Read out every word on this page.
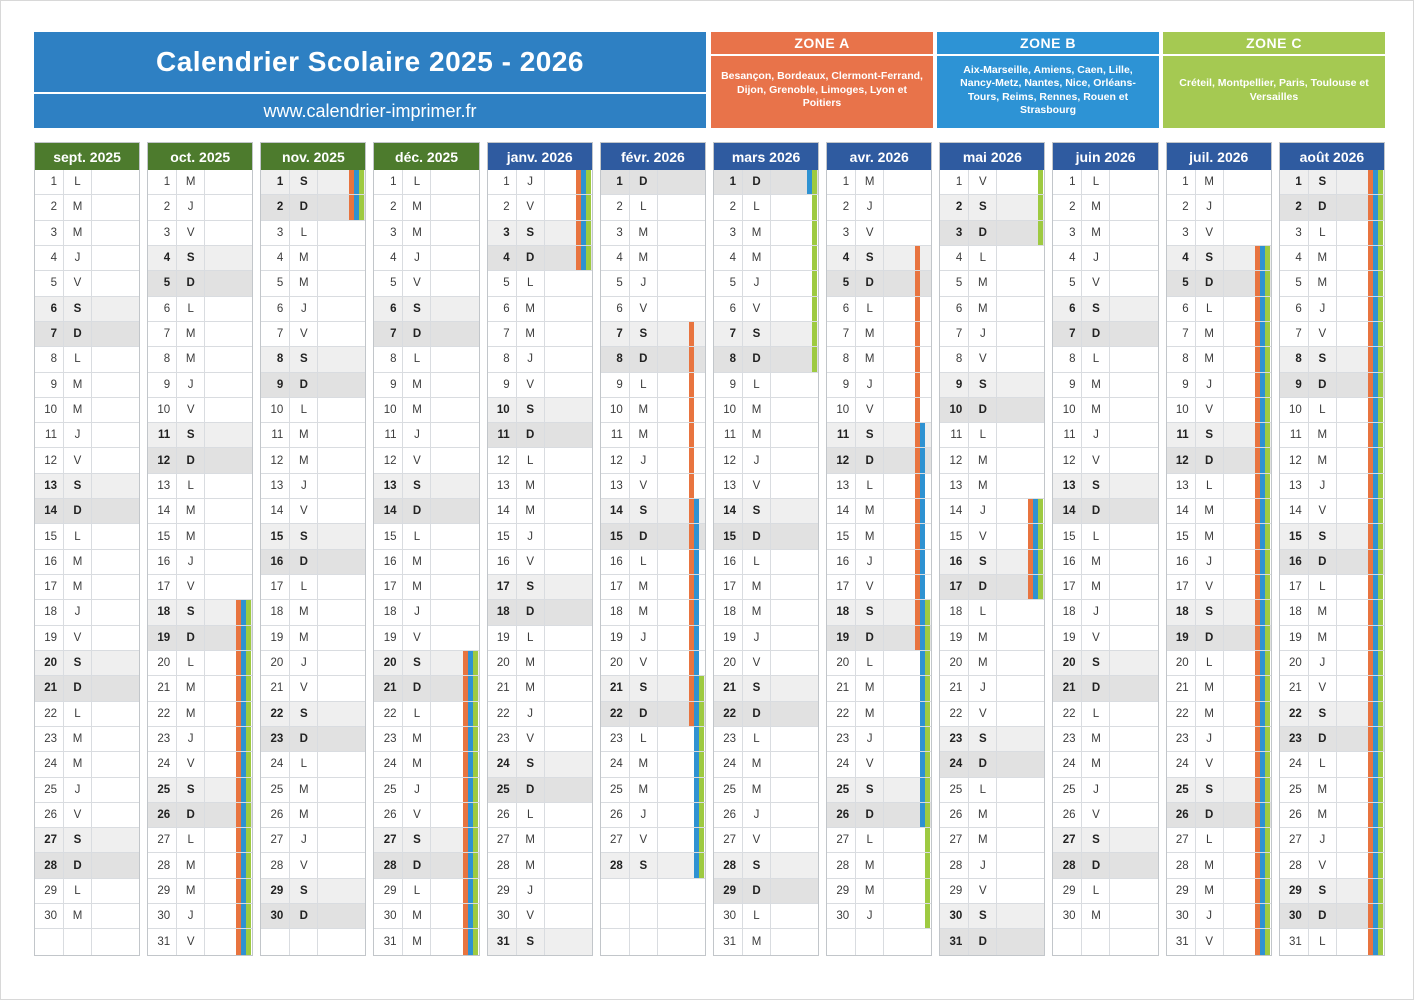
Calendrier Scolaire 2025 - 2026
www.calendrier-imprimer.fr
ZONE A
Besançon, Bordeaux, Clermont-Ferrand, Dijon, Grenoble, Limoges, Lyon et Poitiers
ZONE B
Aix-Marseille, Amiens, Caen, Lille, Nancy-Metz, Nantes, Nice, Orléans-Tours, Reims, Rennes, Rouen et Strasbourg
ZONE C
Créteil, Montpellier, Paris, Toulouse et Versailles
sept. 2025
1	L
2	M
3	M
4	J
5	V
6	S
7	D
8	L
9	M
10	M
11	J
12	V
13	S
14	D
15	L
16	M
17	M
18	J
19	V
20	S
21	D
22	L
23	M
24	M
25	J
26	V
27	S
28	D
29	L
30	M
oct. 2025
1	M
2	J
3	V
4	S
5	D
6	L
7	M
8	M
9	J
10	V
11	S
12	D
13	L
14	M
15	M
16	J
17	V
18	S
19	D
20	L
21	M
22	M
23	J
24	V
25	S
26	D
27	L
28	M
29	M
30	J
31	V
nov. 2025
1	S
2	D
3	L
4	M
5	M
6	J
7	V
8	S
9	D
10	L
11	M
12	M
13	J
14	V
15	S
16	D
17	L
18	M
19	M
20	J
21	V
22	S
23	D
24	L
25	M
26	M
27	J
28	V
29	S
30	D
déc. 2025
1	L
2	M
3	M
4	J
5	V
6	S
7	D
8	L
9	M
10	M
11	J
12	V
13	S
14	D
15	L
16	M
17	M
18	J
19	V
20	S
21	D
22	L
23	M
24	M
25	J
26	V
27	S
28	D
29	L
30	M
31	M
janv. 2026
1	J
2	V
3	S
4	D
5	L
6	M
7	M
8	J
9	V
10	S
11	D
12	L
13	M
14	M
15	J
16	V
17	S
18	D
19	L
20	M
21	M
22	J
23	V
24	S
25	D
26	L
27	M
28	M
29	J
30	V
31	S
févr. 2026
1	D
2	L
3	M
4	M
5	J
6	V
7	S
8	D
9	L
10	M
11	M
12	J
13	V
14	S
15	D
16	L
17	M
18	M
19	J
20	V
21	S
22	D
23	L
24	M
25	M
26	J
27	V
28	S
mars 2026
1	D
2	L
3	M
4	M
5	J
6	V
7	S
8	D
9	L
10	M
11	M
12	J
13	V
14	S
15	D
16	L
17	M
18	M
19	J
20	V
21	S
22	D
23	L
24	M
25	M
26	J
27	V
28	S
29	D
30	L
31	M
avr. 2026
1	M
2	J
3	V
4	S
5	D
6	L
7	M
8	M
9	J
10	V
11	S
12	D
13	L
14	M
15	M
16	J
17	V
18	S
19	D
20	L
21	M
22	M
23	J
24	V
25	S
26	D
27	L
28	M
29	M
30	J
mai 2026
1	V
2	S
3	D
4	L
5	M
6	M
7	J
8	V
9	S
10	D
11	L
12	M
13	M
14	J
15	V
16	S
17	D
18	L
19	M
20	M
21	J
22	V
23	S
24	D
25	L
26	M
27	M
28	J
29	V
30	S
31	D
juin 2026
1	L
2	M
3	M
4	J
5	V
6	S
7	D
8	L
9	M
10	M
11	J
12	V
13	S
14	D
15	L
16	M
17	M
18	J
19	V
20	S
21	D
22	L
23	M
24	M
25	J
26	V
27	S
28	D
29	L
30	M
juil. 2026
1	M
2	J
3	V
4	S
5	D
6	L
7	M
8	M
9	J
10	V
11	S
12	D
13	L
14	M
15	M
16	J
17	V
18	S
19	D
20	L
21	M
22	M
23	J
24	V
25	S
26	D
27	L
28	M
29	M
30	J
31	V
août 2026
1	S
2	D
3	L
4	M
5	M
6	J
7	V
8	S
9	D
10	L
11	M
12	M
13	J
14	V
15	S
16	D
17	L
18	M
19	M
20	J
21	V
22	S
23	D
24	L
25	M
26	M
27	J
28	V
29	S
30	D
31	L
